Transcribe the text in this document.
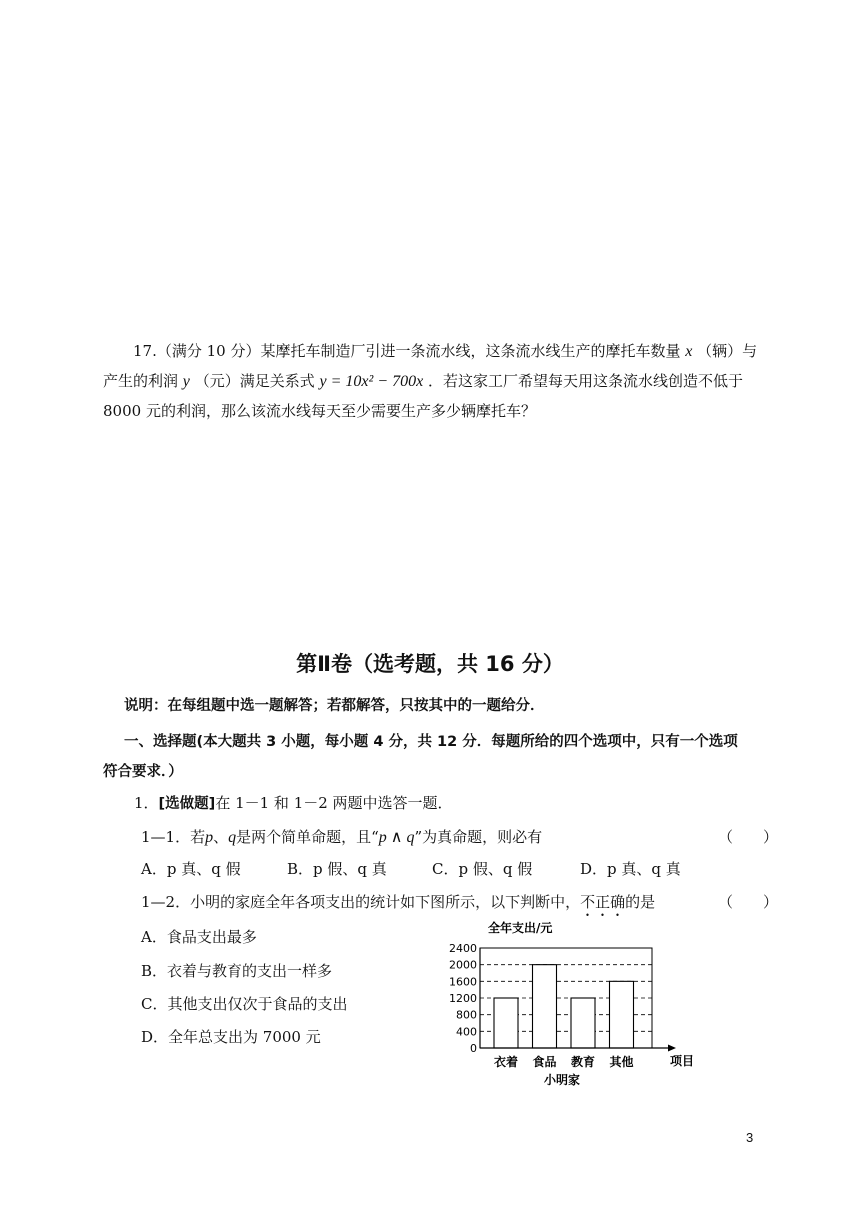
17.（满分 10 分）某摩托车制造厂引进一条流水线，这条流水线生产的摩托车数量 x （辆）与
产生的利润 y （元）满足关系式 y = 10x² − 700x ．若这家工厂希望每天用这条流水线创造不低于
8000 元的利润，那么该流水线每天至少需要生产多少辆摩托车？
第Ⅱ卷（选考题，共 16 分）
说明：在每组题中选一题解答；若都解答，只按其中的一题给分．
一、选择题(本大题共 3 小题，每小题 4 分，共 12 分．每题所给的四个选项中，只有一个选项
符合要求．）
1．[选做题]在 1－1 和 1－2 两题中选答一题．
1—1．若p、q是两个简单命题，且“p ∧ q”为真命题，则必有	（　　）
A．p 真、q 假	B．p 假、q 真	C．p 假、q 假	D．p 真、q 真
1—2．小明的家庭全年各项支出的统计如下图所示，以下判断中，不正确的是	（　　）
A．食品支出最多
B．衣着与教育的支出一样多
C．其他支出仅次于食品的支出
D．全年总支出为 7000 元
全年支出/元
0
400
800
1200
1600
2000
2400
衣着 食品 教育 其他	项目
小明家
3
